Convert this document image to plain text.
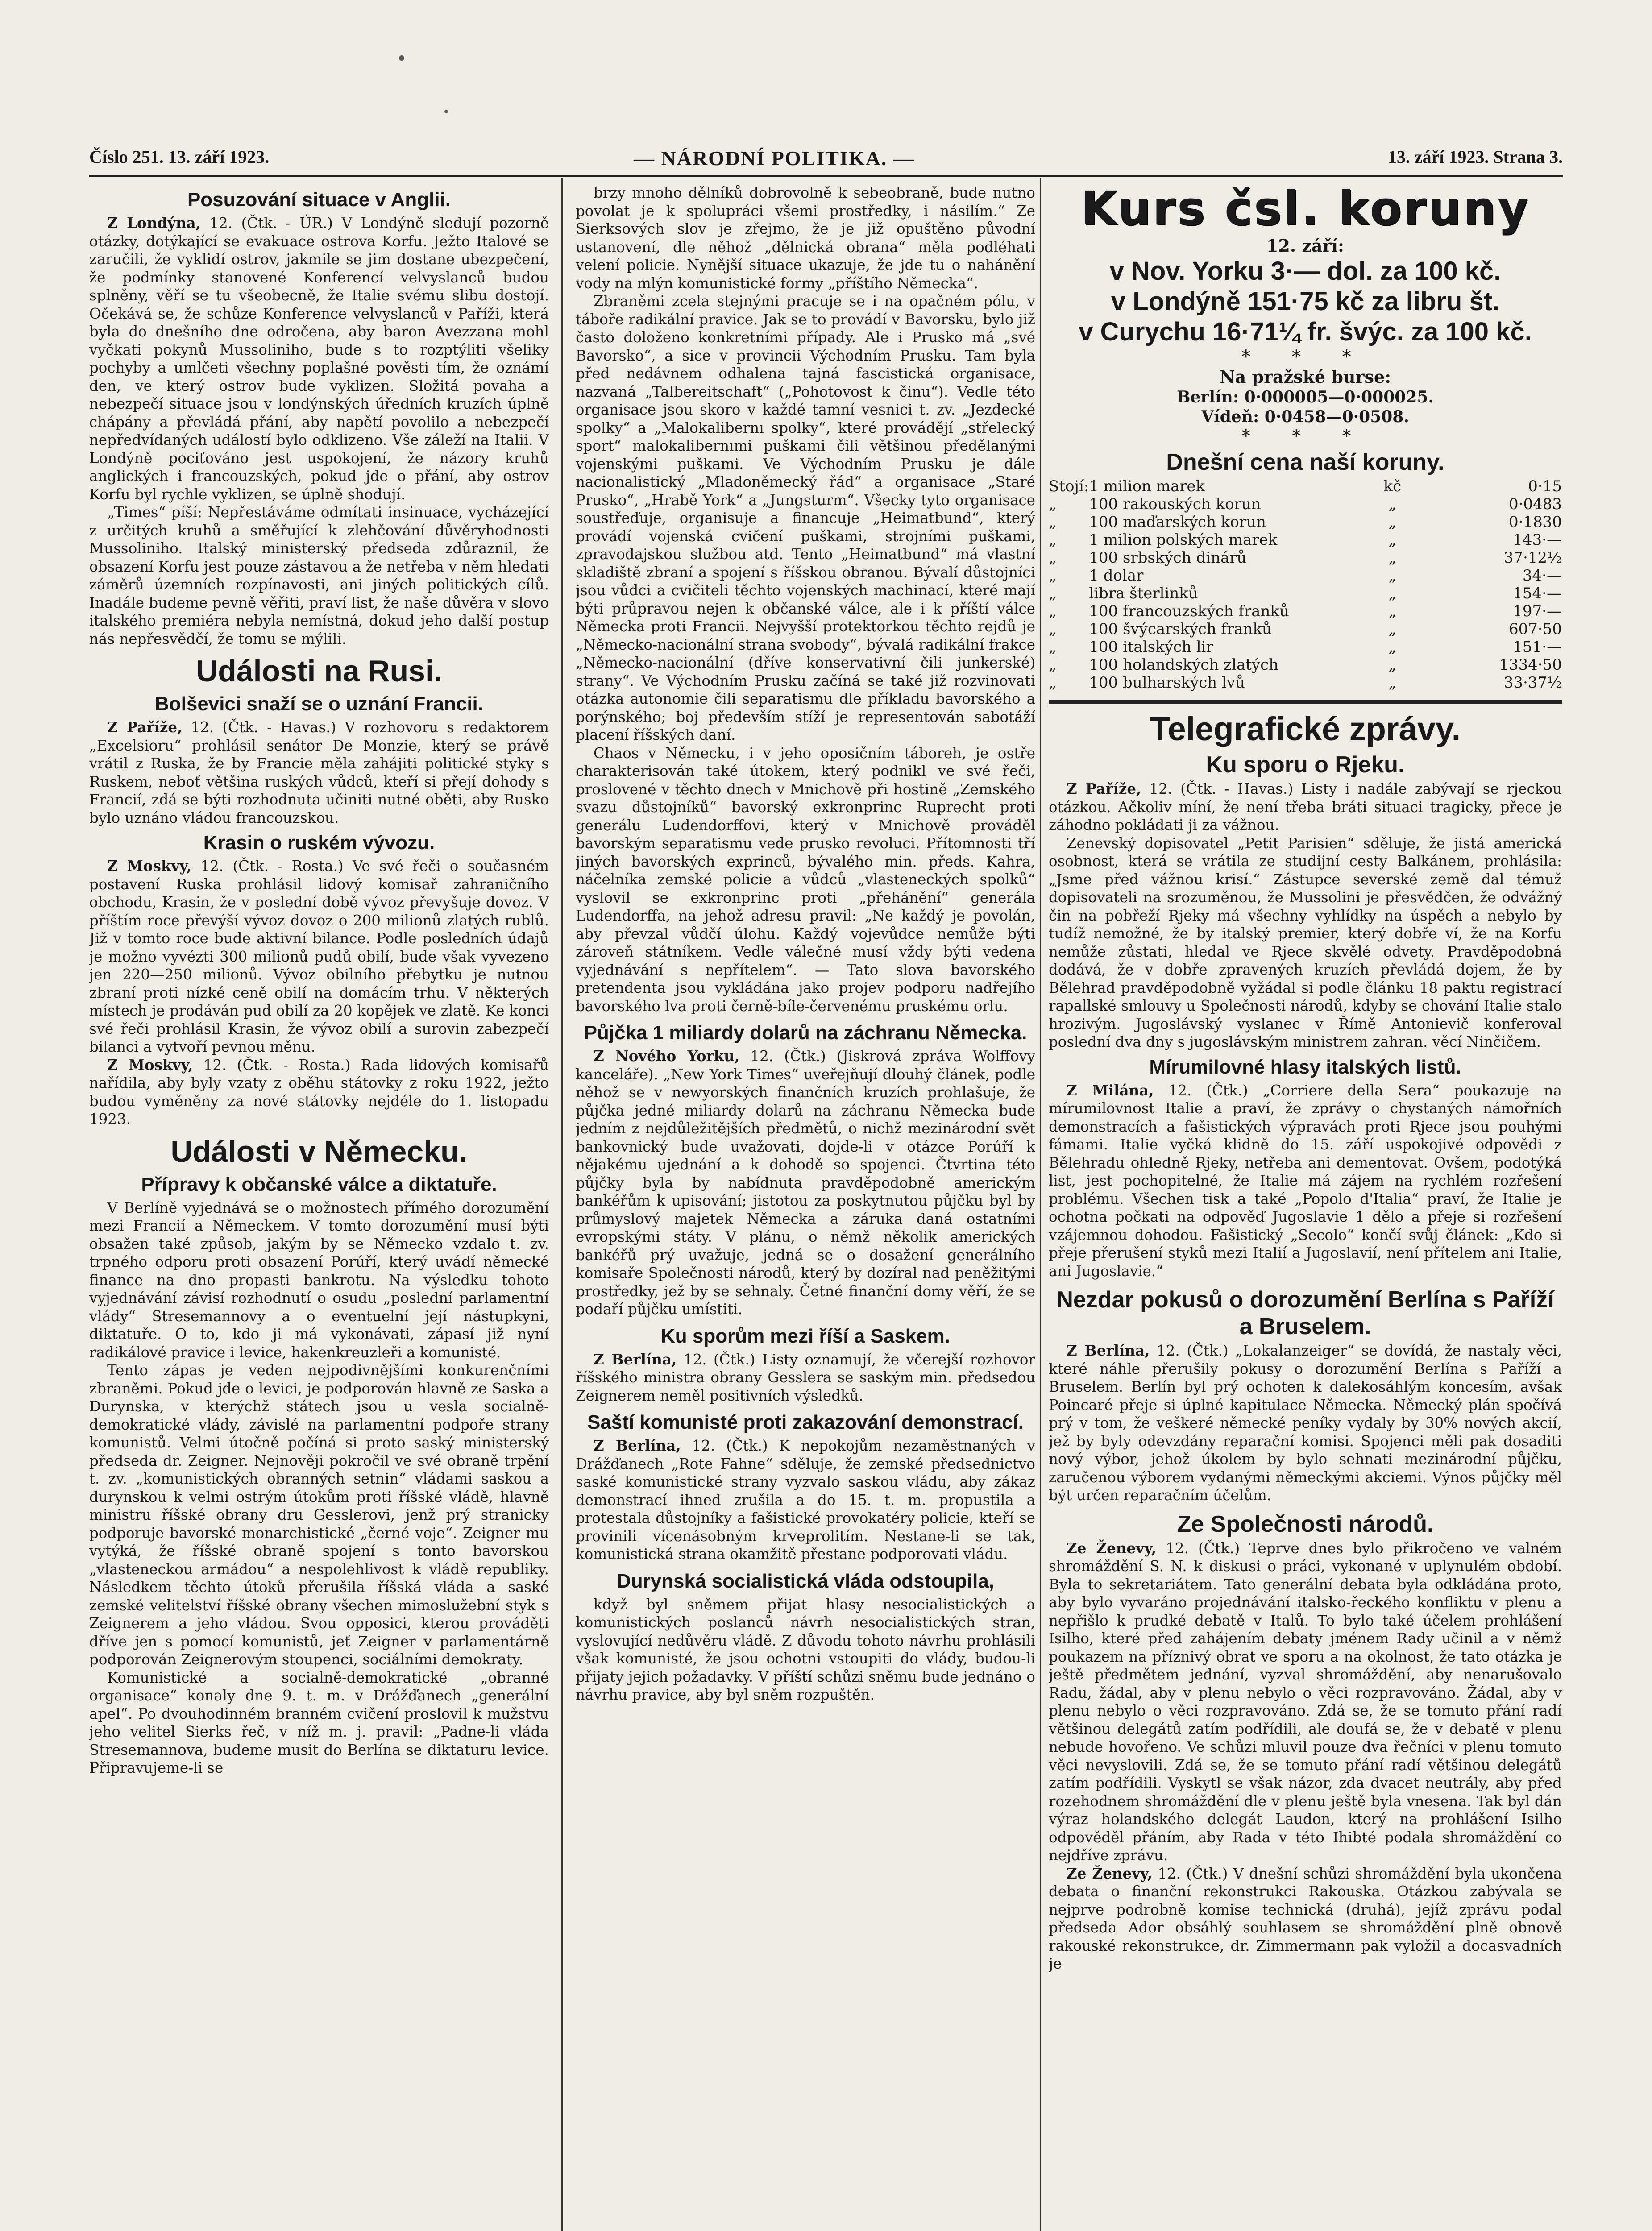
Číslo 251. 13. září 1923.	— NÁRODNÍ POLITIKA. —	13. září 1923. Strana 3.
Posuzování situace v Anglii.

Z Londýna, 12. (Čtk. - ÚR.) V Londýně sledují pozorně otázky, dotýkající se evakuace ostrova Korfu. Ježto Italové se zaručili, že vyklidí ostrov, jakmile se jim dostane ubezpečení, že podmínky stanovené Konferencí velvyslanců budou splněny, věří se tu všeobecně, že Italie svému slibu dostojí. Očekává se, že schůze Konference velvyslanců v Paříži, která byla do dnešního dne odročena, aby baron Avezzana mohl vyčkati pokynů Mussoliniho, bude s to rozptýliti všeliky pochyby a umlčeti všechny poplašné pověsti tím, že oznámí den, ve který ostrov bude vyklizen. Složitá povaha a nebezpečí situace jsou v londýnských úředních kruzích úplně chápány a převládá přání, aby napětí povolilo a nebezpečí nepředvídaných událostí bylo odklizeno. Vše záleží na Italii. V Londýně pociťováno jest uspokojení, že názory kruhů anglických i francouzských, pokud jde o přání, aby ostrov Korfu byl rychle vyklizen, se úplně shodují.

„Times“ píší: Nepřestáváme odmítati insinuace, vycházející z určitých kruhů a směřující k zlehčování důvěryhodnosti Mussoliniho. Italský ministerský předseda zdůraznil, že obsazení Korfu jest pouze zástavou a že netřeba v něm hledati záměrů územních rozpínavosti, ani jiných politických cílů. Inadále budeme pevně věřiti, praví list, že naše důvěra v slovo italského premiéra nebyla nemístná, dokud jeho další postup nás nepřesvědčí, že tomu se mýlili.

Události na Rusi.
Bolševici snaží se o uznání Francii.

Z Paříže, 12. (Čtk. - Havas.) V rozhovoru s redaktorem „Excelsioru“ prohlásil senátor De Monzie, který se právě vrátil z Ruska, že by Francie měla zahájiti politické styky s Ruskem, neboť většina ruských vůdců, kteří si přejí dohody s Francií, zdá se býti rozhodnuta učiniti nutné oběti, aby Rusko bylo uznáno vládou francouzskou.

Krasin o ruském vývozu.

Z Moskvy, 12. (Čtk. - Rosta.) Ve své řeči o současném postavení Ruska prohlásil lidový komisař zahraničního obchodu, Krasin, že v poslední době vývoz převyšuje dovoz. V příštím roce převýší vývoz dovoz o 200 milionů zlatých rublů. Již v tomto roce bude aktivní bilance. Podle posledních údajů je možno vyvézti 300 milionů pudů obilí, bude však vyvezeno jen 220—250 milionů. Vývoz obilního přebytku je nutnou zbraní proti nízké ceně obilí na domácím trhu. V některých místech je prodáván pud obilí za 20 kopějek ve zlatě. Ke konci své řeči prohlásil Krasin, že vývoz obilí a surovin zabezpečí bilanci a vytvoří pevnou měnu.

Z Moskvy, 12. (Čtk. - Rosta.) Rada lidových komisařů nařídila, aby byly vzaty z oběhu státovky z roku 1922, ježto budou vyměněny za nové státovky nejdéle do 1. listopadu 1923.

Události v Německu.
Přípravy k občanské válce a diktatuře.

V Berlíně vyjednává se o možnostech přímého dorozumění mezi Francií a Německem. V tomto dorozumění musí býti obsažen také způsob, jakým by se Německo vzdalo t. zv. trpného odporu proti obsazení Porúří, který uvádí německé finance na dno propasti bankrotu. Na výsledku tohoto vyjednávání závisí rozhodnutí o osudu „poslední parlamentní vlády“ Stresemannovy a o eventuelní její nástupkyni, diktatuře. O to, kdo ji má vykonávati, zápasí již nyní radikálové pravice i levice, hakenkreuzleři a komunisté.

Tento zápas je veden nejpodivnějšími konkurenčními zbraněmi. Pokud jde o levici, je podporován hlavně ze Saska a Durynska, v kterýchž státech jsou u vesla socialně-demokratické vlády, závislé na parlamentní podpoře strany komunistů. Velmi útočně počíná si proto saský ministerský předseda dr. Zeigner. Nejnověji pokročil ve své obraně trpění t. zv. „komunistických obranných setnin“ vládami saskou a durynskou k velmi ostrým útokům proti říšské vládě, hlavně ministru říšské obrany dru Gesslerovi, jenž prý stranicky podporuje bavorské monarchistické „černé voje“. Zeigner mu vytýká, že říšské obraně spojení s tonto bavorskou „vlasteneckou armádou“ a nespolehlivost k vládě republiky. Následkem těchto útoků přerušila říšská vláda a saské zemské velitelství říšské obrany všechen mimoslužební styk s Zeignerem a jeho vládou. Svou opposici, kterou prováděti dříve jen s pomocí komunistů, jeť Zeigner v parlamentárně podporován Zeignerovým stoupenci, sociálními demokraty.

Komunistické a socialně-demokratické „obranné organisace“ konaly dne 9. t. m. v Drážďanech „generální apel“. Po dvouhodinném branném cvičení proslovil k mužstvu jeho velitel Sierks řeč, v níž m. j. pravil: „Padne-li vláda Stresemannova, budeme musit do Berlína se diktaturu levice. Připravujeme-li se

brzy mnoho dělníků dobrovolně k sebeobraně, bude nutno povolat je k spolupráci všemi prostředky, i násilím.“ Ze Sierksových slov je zřejmo, že je již opuštěno původní ustanovení, dle něhož „dělnická obrana“ měla podléhati velení policie. Nynější situace ukazuje, že jde tu o nahánění vody na mlýn komunistické formy „příštího Německa“.

Zbraněmi zcela stejnými pracuje se i na opačném pólu, v táboře radikální pravice. Jak se to provádí v Bavorsku, bylo již často doloženo konkretními případy. Ale i Prusko má „své Bavorsko“, a sice v provincii Východním Prusku. Tam byla před nedávnem odhalena tajná fascistická organisace, nazvaná „Talbereitschaft“ („Pohotovost k činu“). Vedle této organisace jsou skoro v každé tamní vesnici t. zv. „Jezdecké spolky“ a „Malokalibernı spolky“, které provádějí „střelecký sport“ malokalibernımi puškami čili většinou předělanými vojenskými puškami. Ve Východním Prusku je dále nacionalistický „Mladoněmecký řád“ a organisace „Staré Prusko“, „Hrabě York“ a „Jungsturm“. Všecky tyto organisace soustřeďuje, organisuje a financuje „Heimatbund“, který provádí vojenská cvičení puškami, strojními puškami, zpravodajskou službou atd. Tento „Heimatbund“ má vlastní skladiště zbraní a spojení s říšskou obranou. Bývalí důstojníci jsou vůdci a cvičiteli těchto vojenských machinací, které mají býti průpravou nejen k občanské válce, ale i k příští válce Německa proti Francii. Nejvyšší protektorkou těchto rejdů je „Německo-nacionální strana svobody“, bývalá radikální frakce „Německo-nacionální (dříve konservativní čili junkerské) strany“. Ve Východním Prusku začíná se také již rozvinovati otázka autonomie čili separatismu dle příkladu bavorského a porýnského; boj především stíží je representován sabotáží placení říšských daní.

Chaos v Německu, i v jeho oposičním táboreh, je ostře charakterisován také útokem, který podnikl ve své řeči, proslovené v těchto dnech v Mnichově při hostině „Zemského svazu důstojníků“ bavorský exkronprinc Ruprecht proti generálu Ludendorffovi, který v Mnichově prováděl bavorským separatismu vede prusko revoluci. Přítomnosti tří jiných bavorských exprinců, bývalého min. předs. Kahra, náčelníka zemské policie a vůdců „vlasteneckých spolků“ vyslovil se exkronprinc proti „přehánění“ generála Ludendorffa, na jehož adresu pravil: „Ne každý je povolán, aby převzal vůdčí úlohu. Každý vojevůdce nemůže býti zároveň státníkem. Vedle válečné musí vždy býti vedena vyjednávání s nepřítelem“. — Tato slova bavorského pretendenta jsou vykládána jako projev podporu nadřejího bavorského lva proti černě-bíle-červenému pruskému orlu.

Půjčka 1 miliardy dolarů na záchranu Německa.

Z Nového Yorku, 12. (Čtk.) (Jiskrová zpráva Wolffovy kanceláře). „New York Times“ uveřejňují dlouhý článek, podle něhož se v newyorských finančních kruzích prohlašuje, že půjčka jedné miliardy dolarů na záchranu Německa bude jedním z nejdůležitějších předmětů, o nichž mezinárodní svět bankovnický bude uvažovati, dojde-li v otázce Porúří k nějakému ujednání a k dohodě so spojenci. Čtvrtina této půjčky byla by nabídnuta pravděpodobně americkým bankéřům k upisování; jistotou za poskytnutou půjčku byl by průmyslový majetek Německa a záruka daná ostatními evropskými státy. V plánu, o němž několik amerických bankéřů prý uvažuje, jedná se o dosažení generálního komisaře Společnosti národů, který by dozíral nad peněžitými prostředky, jež by se sehnaly. Četné finanční domy věří, že se podaří půjčku umístiti.

Ku sporům mezi říší a Saskem.

Z Berlína, 12. (Čtk.) Listy oznamují, že včerejší rozhovor říšského ministra obrany Gesslera se saským min. předsedou Zeignerem neměl positivních výsledků.

Saští komunisté proti zakazování demonstrací.

Z Berlína, 12. (Čtk.) K nepokojům nezaměstnaných v Drážďanech „Rote Fahne“ sděluje, že zemské předsednictvo saské komunistické strany vyzvalo saskou vládu, aby zákaz demonstrací ihned zrušila a do 15. t. m. propustila a protestala důstojníky a fašistické provokatéry policie, kteří se provinili vícenásobným krveprolitím. Nestane-li se tak, komunistická strana okamžitě přestane podporovati vládu.

Durynská socialistická vláda odstoupila,

když byl sněmem přijat hlasy nesocialistických a komunistických poslanců návrh nesocialistických stran, vyslovující nedůvěru vládě. Z důvodu tohoto návrhu prohlásili však komunisté, že jsou ochotni vstoupiti do vlády, budou-li přijaty jejich požadavky. V příští schůzi sněmu bude jednáno o návrhu pravice, aby byl sněm rozpuštěn.

Kurs čsl. koruny
12. září:
v Nov. Yorku 3·— dol. za 100 kč.
v Londýně 151·75 kč za libru št.
v Curychu 16·71¼ fr. švýc. za 100 kč.
* * *
Na pražské burse:
Berlín: 0·000005—0·000025.
Vídeň: 0·0458—0·0508.
* * *
Dnešní cena naší koruny.
Stojí:	1 milion marek	kč	0·15
„	100 rakouských korun	„	0·0483
„	100 maďarských korun	„	0·1830
„	1 milion polských marek	„	143·—
„	100 srbských dinárů	„	37·12½
„	1 dolar	„	34·—
„	libra šterlinků	„	154·—
„	100 francouzských franků	„	197·—
„	100 švýcarských franků	„	607·50
„	100 italských lir	„	151·—
„	100 holandských zlatých	„	1334·50
„	100 bulharských lvů	„	33·37½
Telegrafické zprávy.
Ku sporu o Rjeku.

Z Paříže, 12. (Čtk. - Havas.) Listy i nadále zabývají se rjeckou otázkou. Ačkoliv míní, že není třeba bráti situaci tragicky, přece je záhodno pokládati ji za vážnou.

Zenevský dopisovatel „Petit Parisien“ sděluje, že jistá americká osobnost, která se vrátila ze studijní cesty Balkánem, prohlásila: „Jsme před vážnou krisí.“ Zástupce severské země dal témuž dopisovateli na srozuměnou, že Mussolini je přesvědčen, že odvážný čin na pobřeží Rjeky má všechny vyhlídky na úspěch a nebylo by tudíž nemožné, že by italský premier, který dobře ví, že na Korfu nemůže zůstati, hledal ve Rjece skvělé odvety. Pravděpodobná dodává, že v dobře zpravených kruzích převládá dojem, že by Bělehrad pravděpodobně vyžádal si podle článku 18 paktu registrací rapallské smlouvy u Společnosti národů, kdyby se chování Italie stalo hrozivým. Jugoslávský vyslanec v Římě Antonievič konferoval poslední dva dny s jugoslávským ministrem zahran. věcí Ninčičem.

Mírumilovné hlasy italských listů.

Z Milána, 12. (Čtk.) „Corriere della Sera“ poukazuje na mírumilovnost Italie a praví, že zprávy o chystaných námořních demonstracích a fašistických výpravách proti Rjece jsou pouhými fámami. Italie vyčká klidně do 15. září uspokojivé odpovědi z Bělehradu ohledně Rjeky, netřeba ani dementovat. Ovšem, podotýká list, jest pochopitelné, že Italie má zájem na rychlém rozřešení problému. Všechen tisk a také „Popolo d'Italia“ praví, že Italie je ochotna počkati na odpověď Jugoslavie 1 dělo a přeje si rozřešení vzájemnou dohodou. Fašistický „Secolo“ končí svůj článek: „Kdo si přeje přerušení styků mezi Italií a Jugoslavií, není přítelem ani Italie, ani Jugoslavie.“

Nezdar pokusů o dorozumění Berlína s Paříží a Bruselem.

Z Berlína, 12. (Čtk.) „Lokalanzeiger“ se dovídá, že nastaly věci, které náhle přerušily pokusy o dorozumění Berlína s Paříží a Bruselem. Berlín byl prý ochoten k dalekosáhlým koncesím, avšak Poincaré přeje si úplné kapitulace Německa. Německý plán spočívá prý v tom, že veškeré německé peníky vydaly by 30% nových akcií, jež by byly odevzdány reparační komisi. Spojenci měli pak dosaditi nový výbor, jehož úkolem by bylo sehnati mezinárodní půjčku, zaručenou výborem vydanými německými akciemi. Výnos půjčky měl být určen reparačním účelům.

Ze Společnosti národů.

Ze Ženevy, 12. (Čtk.) Teprve dnes bylo přikročeno ve valném shromáždění S. N. k diskusi o práci, vykonané v uplynulém období. Byla to sekretariátem. Tato generální debata byla odkládána proto, aby bylo vyvaráno projednávání italsko-řeckého konfliktu v plenu a nepřišlo k prudké debatě v Italů. To bylo také účelem prohlášení Isilho, které před zahájením debaty jménem Rady učinil a v němž poukazem na příznivý obrat ve sporu a na okolnost, že tato otázka je ještě předmětem jednání, vyzval shromáždění, aby nenarušovalo Radu, žádal, aby v plenu nebylo o věci rozpravováno. Žádal, aby v plenu nebylo o věci rozpravováno. Zdá se, že se tomuto přání radí většinou delegátů zatím podřídili, ale doufá se, že v debatě v plenu nebude hovořeno. Ve schůzi mluvil pouze dva řečníci v plenu tomuto věci nevyslovili. Zdá se, že se tomuto přání radí většinou delegátů zatím podřídili. Vyskytl se však názor, zda dvacet neutrály, aby před rozehodnem shromáždění dle v plenu ještě byla vnesena. Tak byl dán výraz holandského delegát Laudon, který na prohlášení Isilho odpověděl přáním, aby Rada v této Ihibté podala shromáždění co nejdříve zprávu.

Ze Ženevy, 12. (Čtk.) V dnešní schůzi shromáždění byla ukončena debata o finanční rekonstrukci Rakouska. Otázkou zabývala se nejprve podrobně komise technická (druhá), jejíž zprávu podal předseda Ador obsáhlý souhlasem se shromáždění plně obnově rakouské rekonstrukce, dr. Zimmermann pak vyložil a docasvadních je
